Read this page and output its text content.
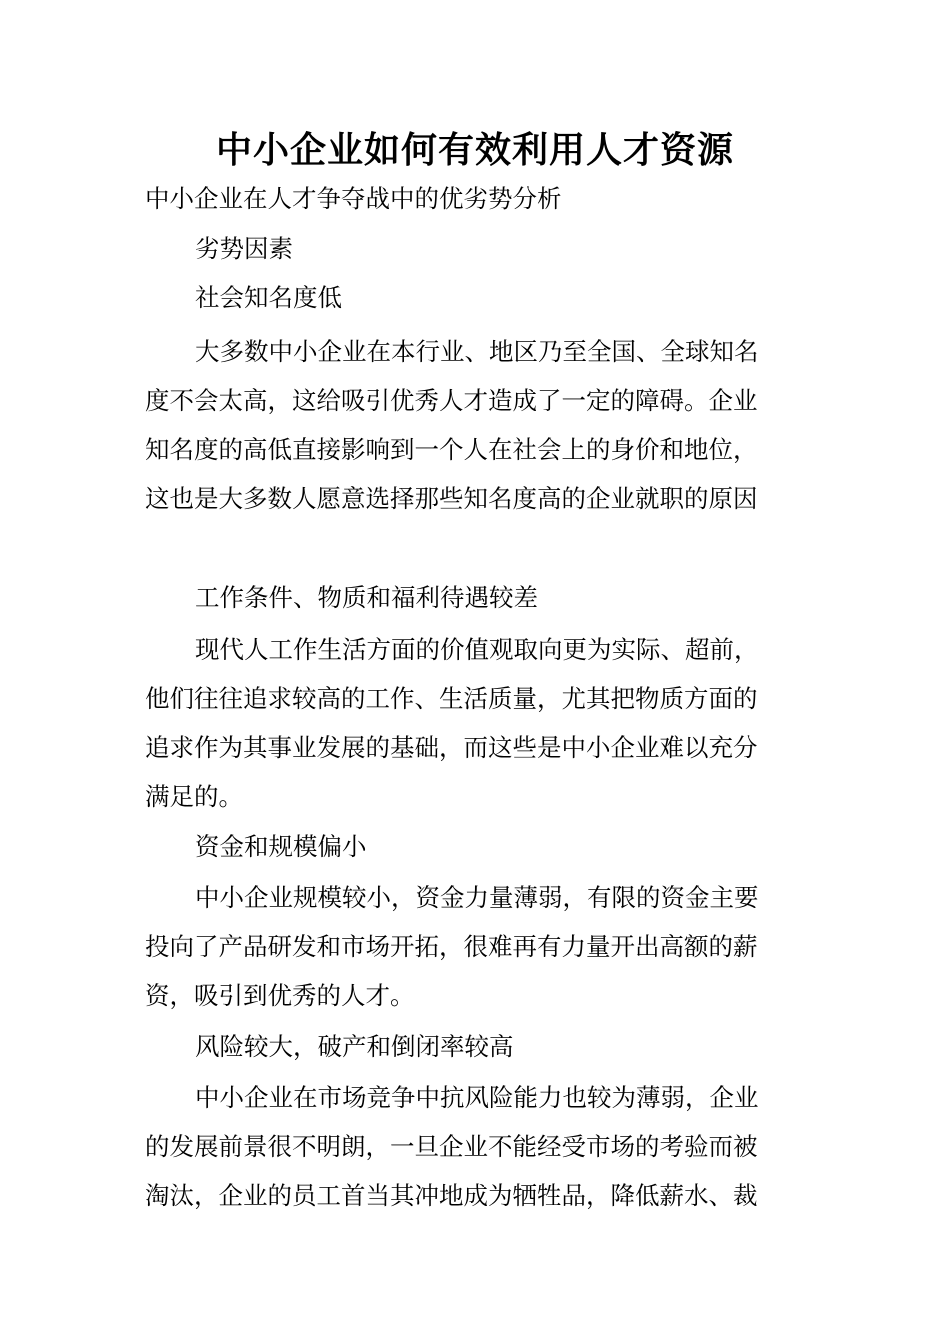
中小企业如何有效利用人才资源

中小企业在人才争夺战中的优劣势分析

劣势因素

社会知名度低

大多数中小企业在本行业、地区乃至全国、全球知名

度不会太高，这给吸引优秀人才造成了一定的障碍。企业

知名度的高低直接影响到一个人在社会上的身价和地位，

这也是大多数人愿意选择那些知名度高的企业就职的原因

工作条件、物质和福利待遇较差

现代人工作生活方面的价值观取向更为实际、超前，

他们往往追求较高的工作、生活质量，尤其把物质方面的

追求作为其事业发展的基础，而这些是中小企业难以充分

满足的。

资金和规模偏小

中小企业规模较小，资金力量薄弱，有限的资金主要

投向了产品研发和市场开拓，很难再有力量开出高额的薪

资，吸引到优秀的人才。

风险较大，破产和倒闭率较高

中小企业在市场竞争中抗风险能力也较为薄弱，企业

的发展前景很不明朗，一旦企业不能经受市场的考验而被

淘汰，企业的员工首当其冲地成为牺牲品，降低薪水、裁
